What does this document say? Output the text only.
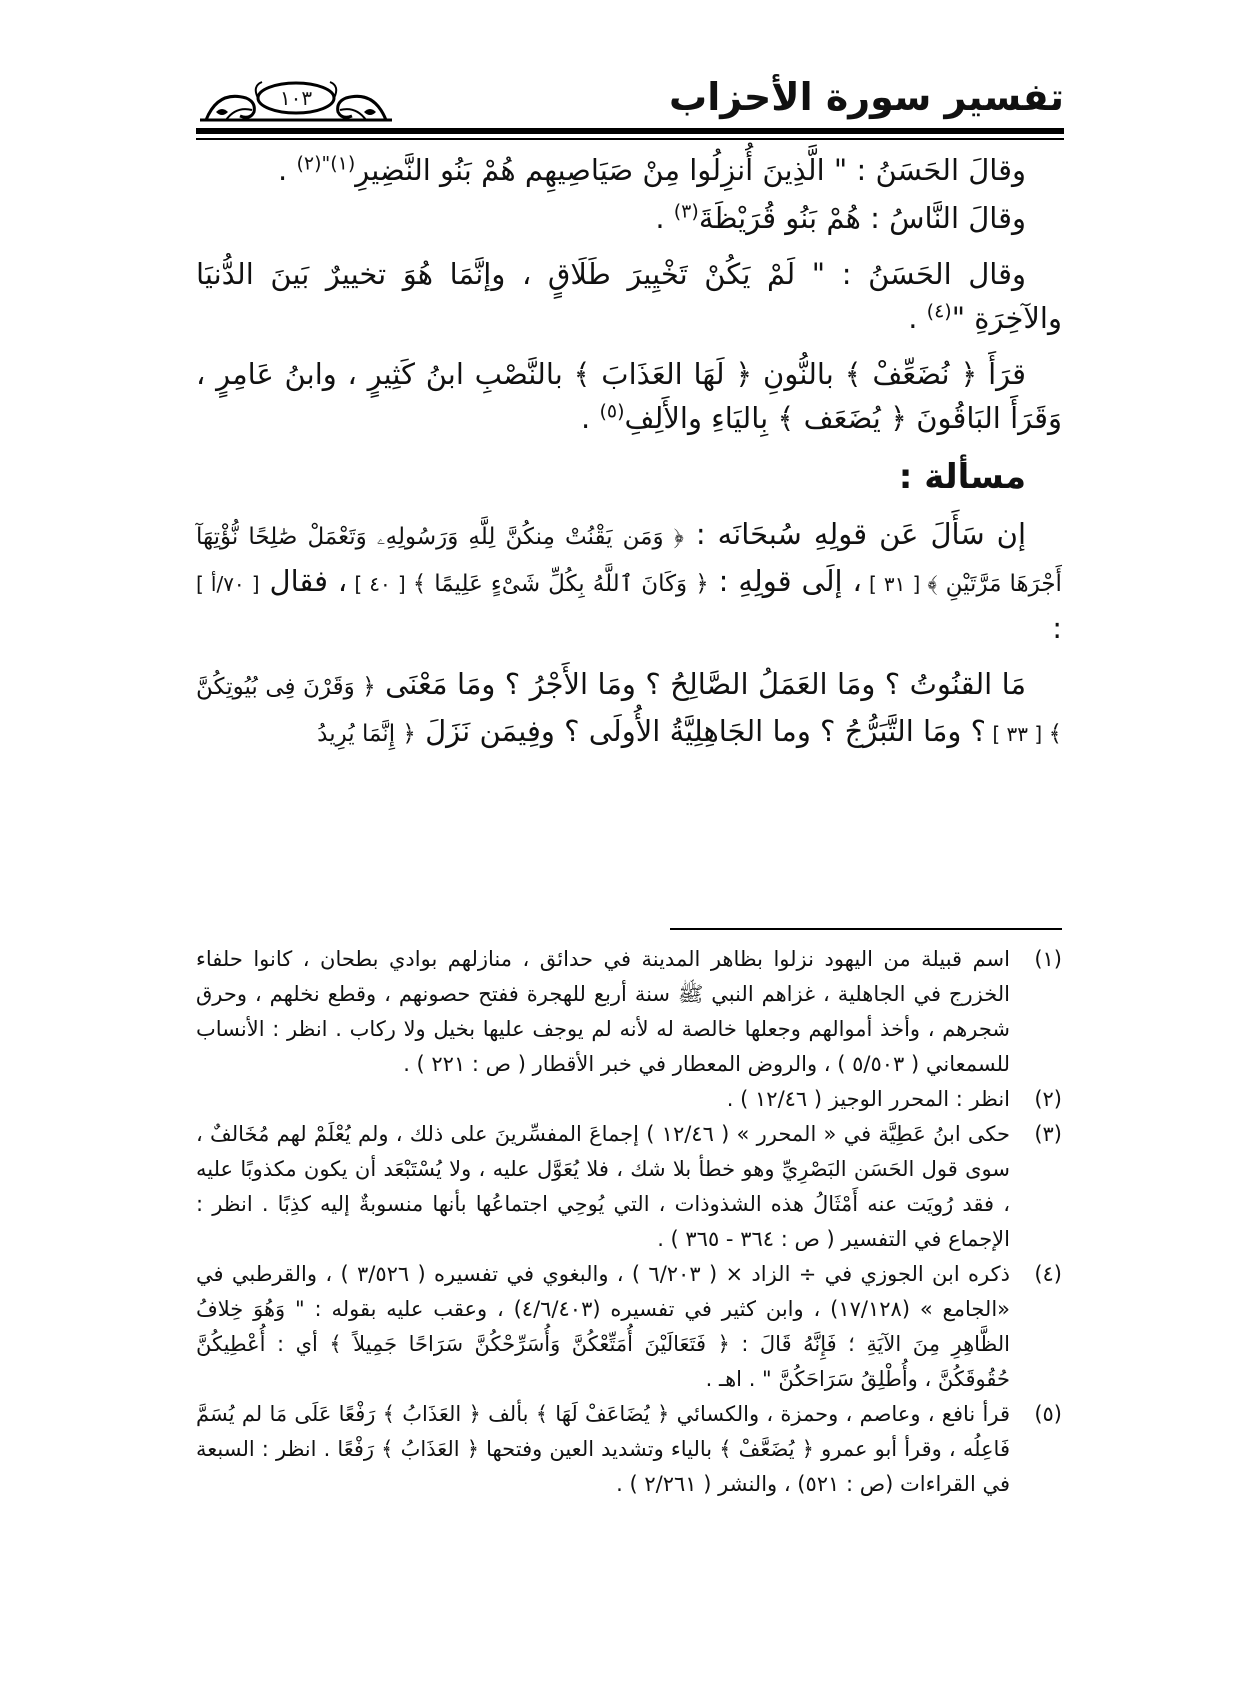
تفسير سورة الأحزاب
١٠٣

وقالَ الحَسَنُ : " الَّذِينَ أُنزِلُوا مِنْ صَيَاصِيهِم هُمْ بَنُو النَّضِيرِ$^{(١)"(٢)}$ .

وقالَ النَّاسُ : هُمْ بَنُو قُرَيْظَةَ$^{(٣)}$ .

وقال الحَسَنُ : " لَمْ يَكُنْ تَخْيِيرَ طَلَاقٍ ، وإنَّمَا هُوَ تخييرٌ بَينَ الدُّنيَا والآخِرَةِ "$^{(٤)}$ .

قرَأَ ﴿ نُضَعِّفْ ﴾ بالنُّونِ ﴿ لَهَا العَذَابَ ﴾ بالنَّصْبِ ابنُ كَثِيرٍ ، وابنُ عَامِرٍ ، وَقَرَأَ البَاقُونَ ﴿ يُضَعَف ﴾ بِاليَاءِ والأَلِفِ$^{(٥)}$ .

مسألة :

إن سَأَلَ عَن قولِهِ سُبحَانَه : ﴿ وَمَن يَقْنُتْ مِنكُنَّ لِلَّهِ وَرَسُولِهِۦ وَتَعْمَلْ صَٰلِحًا نُّؤْتِهَآ أَجْرَهَا مَرَّتَيْنِ ﴾ [ ٣١ ] ، إلَى قولِهِ : ﴿ وَكَانَ ٱللَّهُ بِكُلِّ شَىْءٍ عَلِيمًا ﴾ [ ٤٠ ] ، فقال [ ٧٠/أ ] :

مَا القنُوتُ ؟ ومَا العَمَلُ الصَّالِحُ ؟ ومَا الأَجْرُ ؟ ومَا مَعْنَى ﴿ وَقَرْنَ فِى بُيُوتِكُنَّ ﴾ [ ٣٣ ] ؟ ومَا التَّبَرُّجُ ؟ وما الجَاهِلِيَّةُ الأُولَى ؟ وفِيمَن نَزَلَ ﴿ إِنَّمَا يُرِيدُ

(١)
اسم قبيلة من اليهود نزلوا بظاهر المدينة في حدائق ، منازلهم بوادي بطحان ، كانوا حلفاء الخزرج في الجاهلية ، غزاهم النبي ﷺ سنة أربع للهجرة ففتح حصونهم ، وقطع نخلهم ، وحرق شجرهم ، وأخذ أموالهم وجعلها خالصة له لأنه لم يوجف عليها بخيل ولا ركاب . انظر : الأنساب للسمعاني ( ٥/٥٠٣ ) ، والروض المعطار في خبر الأقطار ( ص : ٢٢١ ) .

(٢)
انظر : المحرر الوجيز ( ١٢/٤٦ ) .

(٣)
حكى ابنُ عَطِيَّة في « المحرر » ( ١٢/٤٦ ) إجماعَ المفسِّرينَ على ذلك ، ولم يُعْلَمْ لهم مُخَالفٌ ، سوى قول الحَسَن البَصْرِيِّ وهو خطأ بلا شك ، فلا يُعَوَّل عليه ، ولا يُسْتَبْعَد أن يكون مكذوبًا عليه ، فقد رُويَت عنه أَمْثَالُ هذه الشذوذات ، التي يُوحِي اجتماعُها بأنها منسوبةٌ إليه كذِبًا . انظر : الإجماع في التفسير ( ص : ٣٦٤ - ٣٦٥ ) .

(٤)
ذكره ابن الجوزي في ÷ الزاد × ( ٦/٢٠٣ ) ، والبغوي في تفسيره ( ٣/٥٢٦ ) ، والقرطبي في «الجامع » (١٧/١٢٨) ، وابن كثير في تفسيره (٤/٦/٤٠٣) ، وعقب عليه بقوله : " وَهُوَ خِلافُ الظَّاهِرِ مِنَ الآيَةِ ؛ فَإِنَّهُ قَالَ : ﴿ فَتَعَالَيْنَ أُمَتِّعْكُنَّ وَأُسَرِّحْكُنَّ سَرَاحًا جَمِيلاً ﴾ أي : أُعْطِيكُنَّ حُقُوقَكُنَّ ، وأُطْلِقُ سَرَاحَكُنَّ " . اهـ .

(٥)
قرأ نافع ، وعاصم ، وحمزة ، والكسائي ﴿ يُضَاعَفْ لَهَا ﴾ بألف ﴿ العَذَابُ ﴾ رَفْعًا عَلَى مَا لم يُسَمَّ فَاعِلُه ، وقرأ أبو عمرو ﴿ يُضَعَّفْ ﴾ بالياء وتشديد العين وفتحها ﴿ العَذَابُ ﴾ رَفْعًا . انظر : السبعة في القراءات (ص : ٥٢١) ، والنشر ( ٢/٢٦١ ) .
